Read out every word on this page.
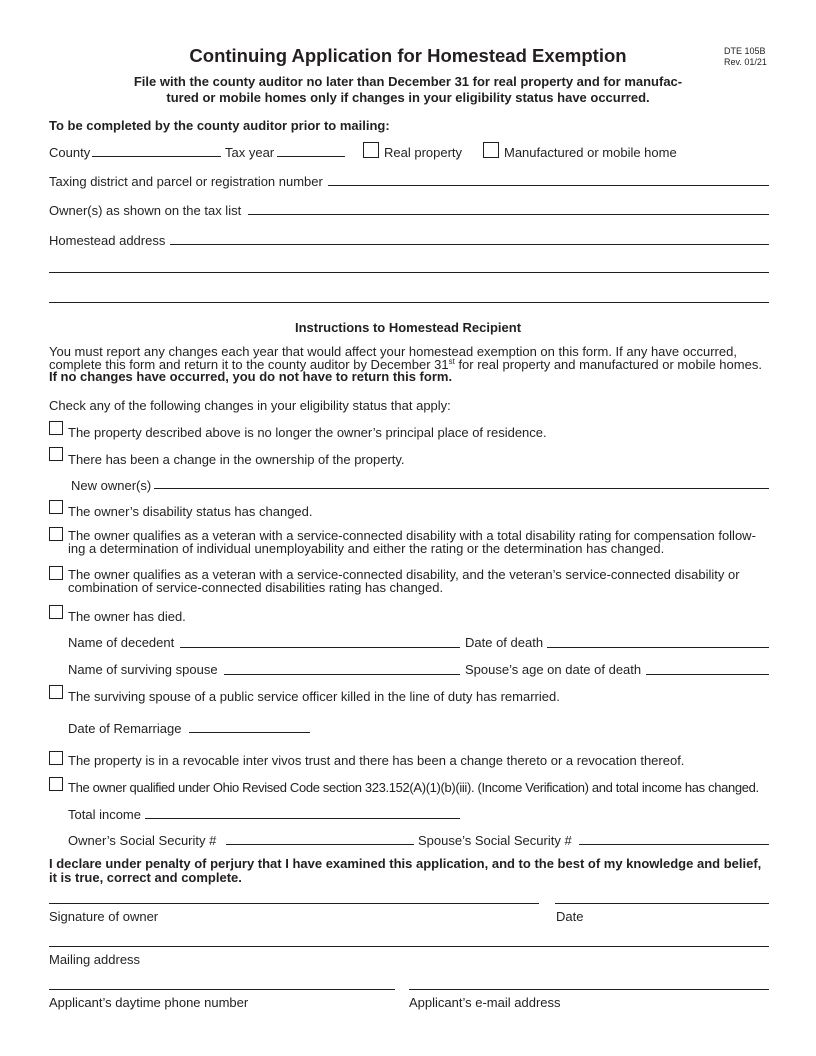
Continuing Application for Homestead Exemption	DTE 105B
Rev. 01/21
File with the county auditor no later than December 31 for real property and for manufac-
tured or mobile homes only if changes in your eligibility status have occurred.
To be completed by the county auditor prior to mailing:
County	Tax year	Real property	Manufactured or mobile home
Taxing district and parcel or registration number
Owner(s) as shown on the tax list
Homestead address
Instructions to Homestead Recipient
You must report any changes each year that would affect your homestead exemption on this form. If any have occurred,
complete this form and return it to the county auditor by December 31st for real property and manufactured or mobile homes.
If no changes have occurred, you do not have to return this form.
Check any of the following changes in your eligibility status that apply:
The property described above is no longer the owner’s principal place of residence.
There has been a change in the ownership of the property.
New owner(s)
The owner’s disability status has changed.
The owner qualifies as a veteran with a service-connected disability with a total disability rating for compensation follow-
ing a determination of individual unemployability and either the rating or the determination has changed.
The owner qualifies as a veteran with a service-connected disability, and the veteran’s service-connected disability or
combination of service-connected disabilities rating has changed.
The owner has died.
Name of decedent	Date of death
Name of surviving spouse	Spouse’s age on date of death
The surviving spouse of a public service officer killed in the line of duty has remarried.
Date of Remarriage
The property is in a revocable inter vivos trust and there has been a change thereto or a revocation thereof.
The owner qualified under Ohio Revised Code section 323.152(A)(1)(b)(iii). (Income Verification) and total income has changed.
Total income
Owner’s Social Security #	Spouse’s Social Security #
I declare under penalty of perjury that I have examined this application, and to the best of my knowledge and belief,
it is true, correct and complete.
Signature of owner	Date
Mailing address
Applicant’s daytime phone number	Applicant’s e-mail address
